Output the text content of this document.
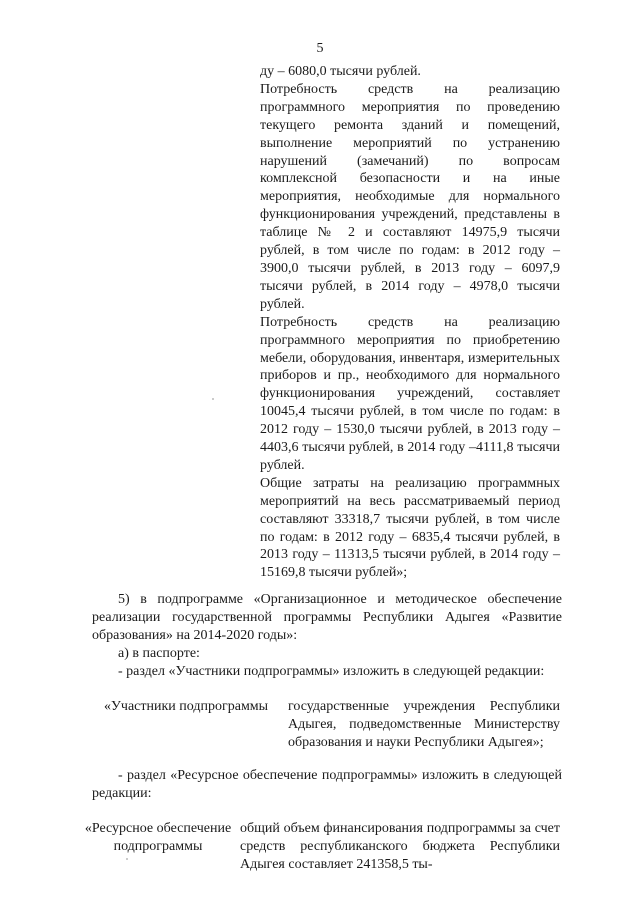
5

ду – 6080,0 тысячи рублей.

Потребность средств на реализацию программного мероприятия по проведению текущего ремонта зданий и помещений, выполнение мероприятий по устранению нарушений (замечаний) по вопросам комплексной безопасности и на иные мероприятия, необходимые для нормального функционирования учреждений, представлены в таблице № 2 и составляют 14975,9 тысячи рублей, в том числе по годам: в 2012 году – 3900,0 тысячи рублей, в 2013 году – 6097,9 тысячи рублей, в 2014 году – 4978,0 тысячи рублей.

Потребность средств на реализацию программного мероприятия по приобретению мебели, оборудования, инвентаря, измерительных приборов и пр., необходимого для нормального функционирования учреждений, составляет 10045,4 тысячи рублей, в том числе по годам: в 2012 году – 1530,0 тысячи рублей, в 2013 году – 4403,6 тысячи рублей, в 2014 году –4111,8 тысячи рублей.

Общие затраты на реализацию программных мероприятий на весь рассматриваемый период составляют 33318,7 тысячи рублей, в том числе по годам: в 2012 году – 6835,4 тысячи рублей, в 2013 году – 11313,5 тысячи рублей, в 2014 году – 15169,8 тысячи рублей»;

5) в подпрограмме «Организационное и методическое обеспечение реализации государственной программы Республики Адыгея «Развитие образования» на 2014-2020 годы»:

а) в паспорте:

- раздел «Участники подпрограммы» изложить в следующей редакции:

«Участники подпрограммы	государственные учреждения Республики Адыгея, подведомственные Министерству образования и науки Республики Адыгея»;

- раздел «Ресурсное обеспечение подпрограммы» изложить в следующей редакции:

«Ресурсное обеспечение подпрограммы
общий объем финансирования подпрограммы за счет средств республиканского бюджета Республики Адыгея составляет 241358,5 ты-
